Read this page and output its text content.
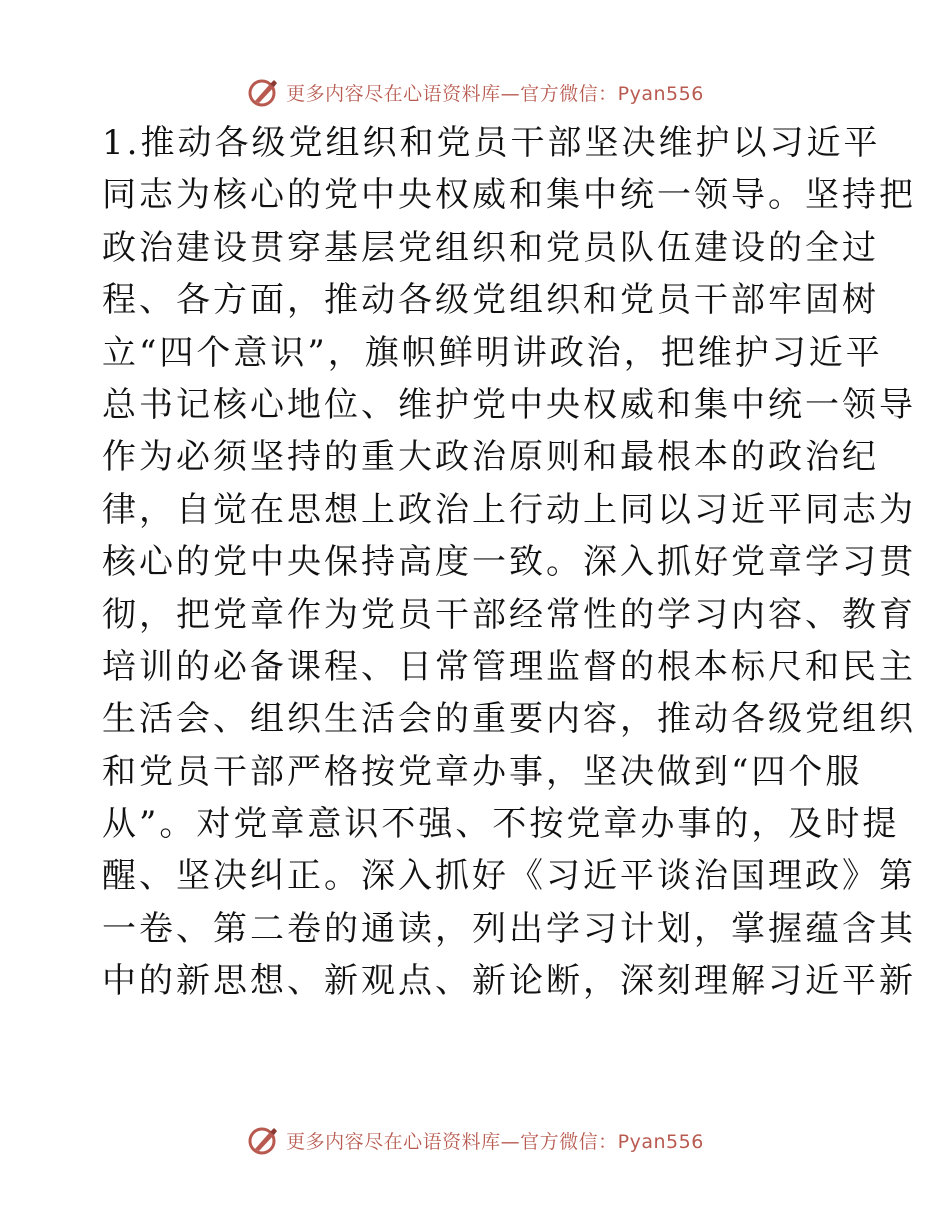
更多内容尽在心语资料库—官方微信：Pyan556
1.推动各级党组织和党员干部坚决维护以习近平
同志为核心的党中央权威和集中统一领导。坚持把
政治建设贯穿基层党组织和党员队伍建设的全过
程、各方面，推动各级党组织和党员干部牢固树
立“四个意识”，旗帜鲜明讲政治，把维护习近平
总书记核心地位、维护党中央权威和集中统一领导
作为必须坚持的重大政治原则和最根本的政治纪
律，自觉在思想上政治上行动上同以习近平同志为
核心的党中央保持高度一致。深入抓好党章学习贯
彻，把党章作为党员干部经常性的学习内容、教育
培训的必备课程、日常管理监督的根本标尺和民主
生活会、组织生活会的重要内容，推动各级党组织
和党员干部严格按党章办事，坚决做到“四个服
从”。对党章意识不强、不按党章办事的，及时提
醒、坚决纠正。深入抓好《习近平谈治国理政》第
一卷、第二卷的通读，列出学习计划，掌握蕴含其
中的新思想、新观点、新论断，深刻理解习近平新
更多内容尽在心语资料库—官方微信：Pyan556
